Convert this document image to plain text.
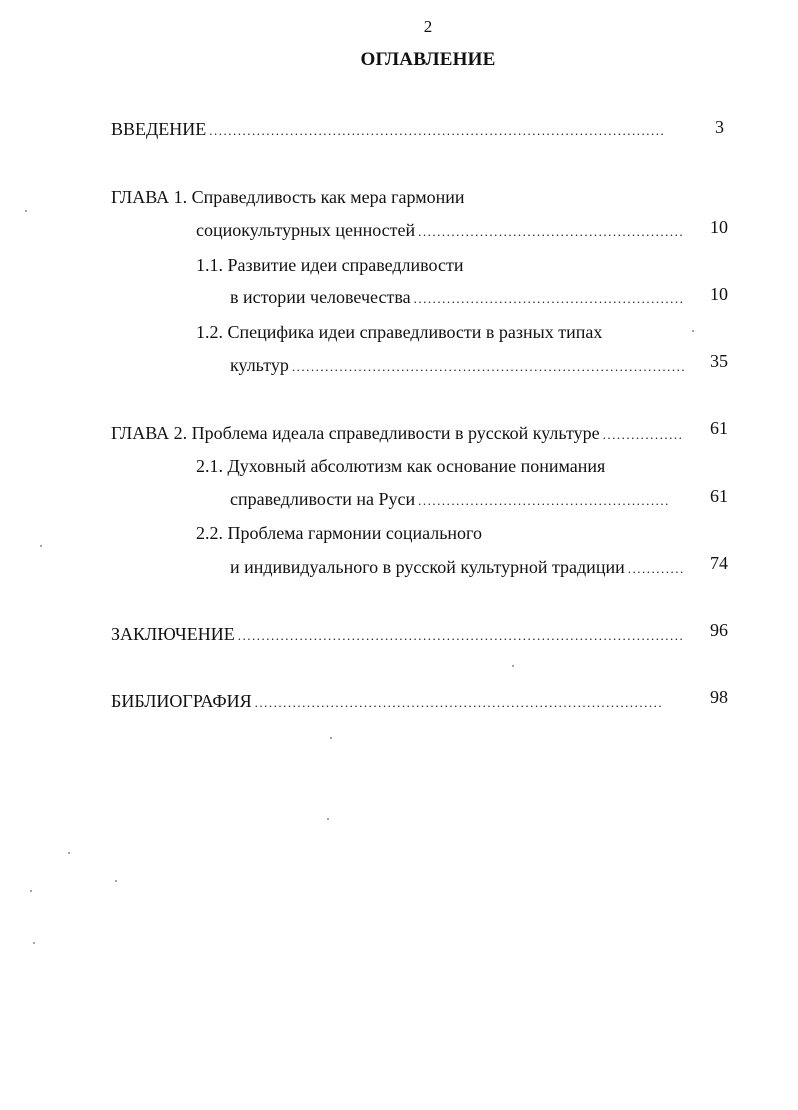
2
ОГЛАВЛЕНИЕ
ВВЕДЕНИЕ .....	3
ГЛАВА 1. Справедливость как мера гармонии
социокультурных ценностей .....	10
1.1. Развитие идеи справедливости
в истории человечества .....	10
1.2. Специфика идеи справедливости в разных типах
культур .....	35
ГЛАВА 2. Проблема идеала справедливости в русской культуре .....	61
2.1. Духовный абсолютизм как основание понимания
справедливости на Руси .....	61
2.2. Проблема гармонии социального
и индивидуального в русской культурной традиции .....	74
ЗАКЛЮЧЕНИЕ .....	96
БИБЛИОГРАФИЯ .....	98
